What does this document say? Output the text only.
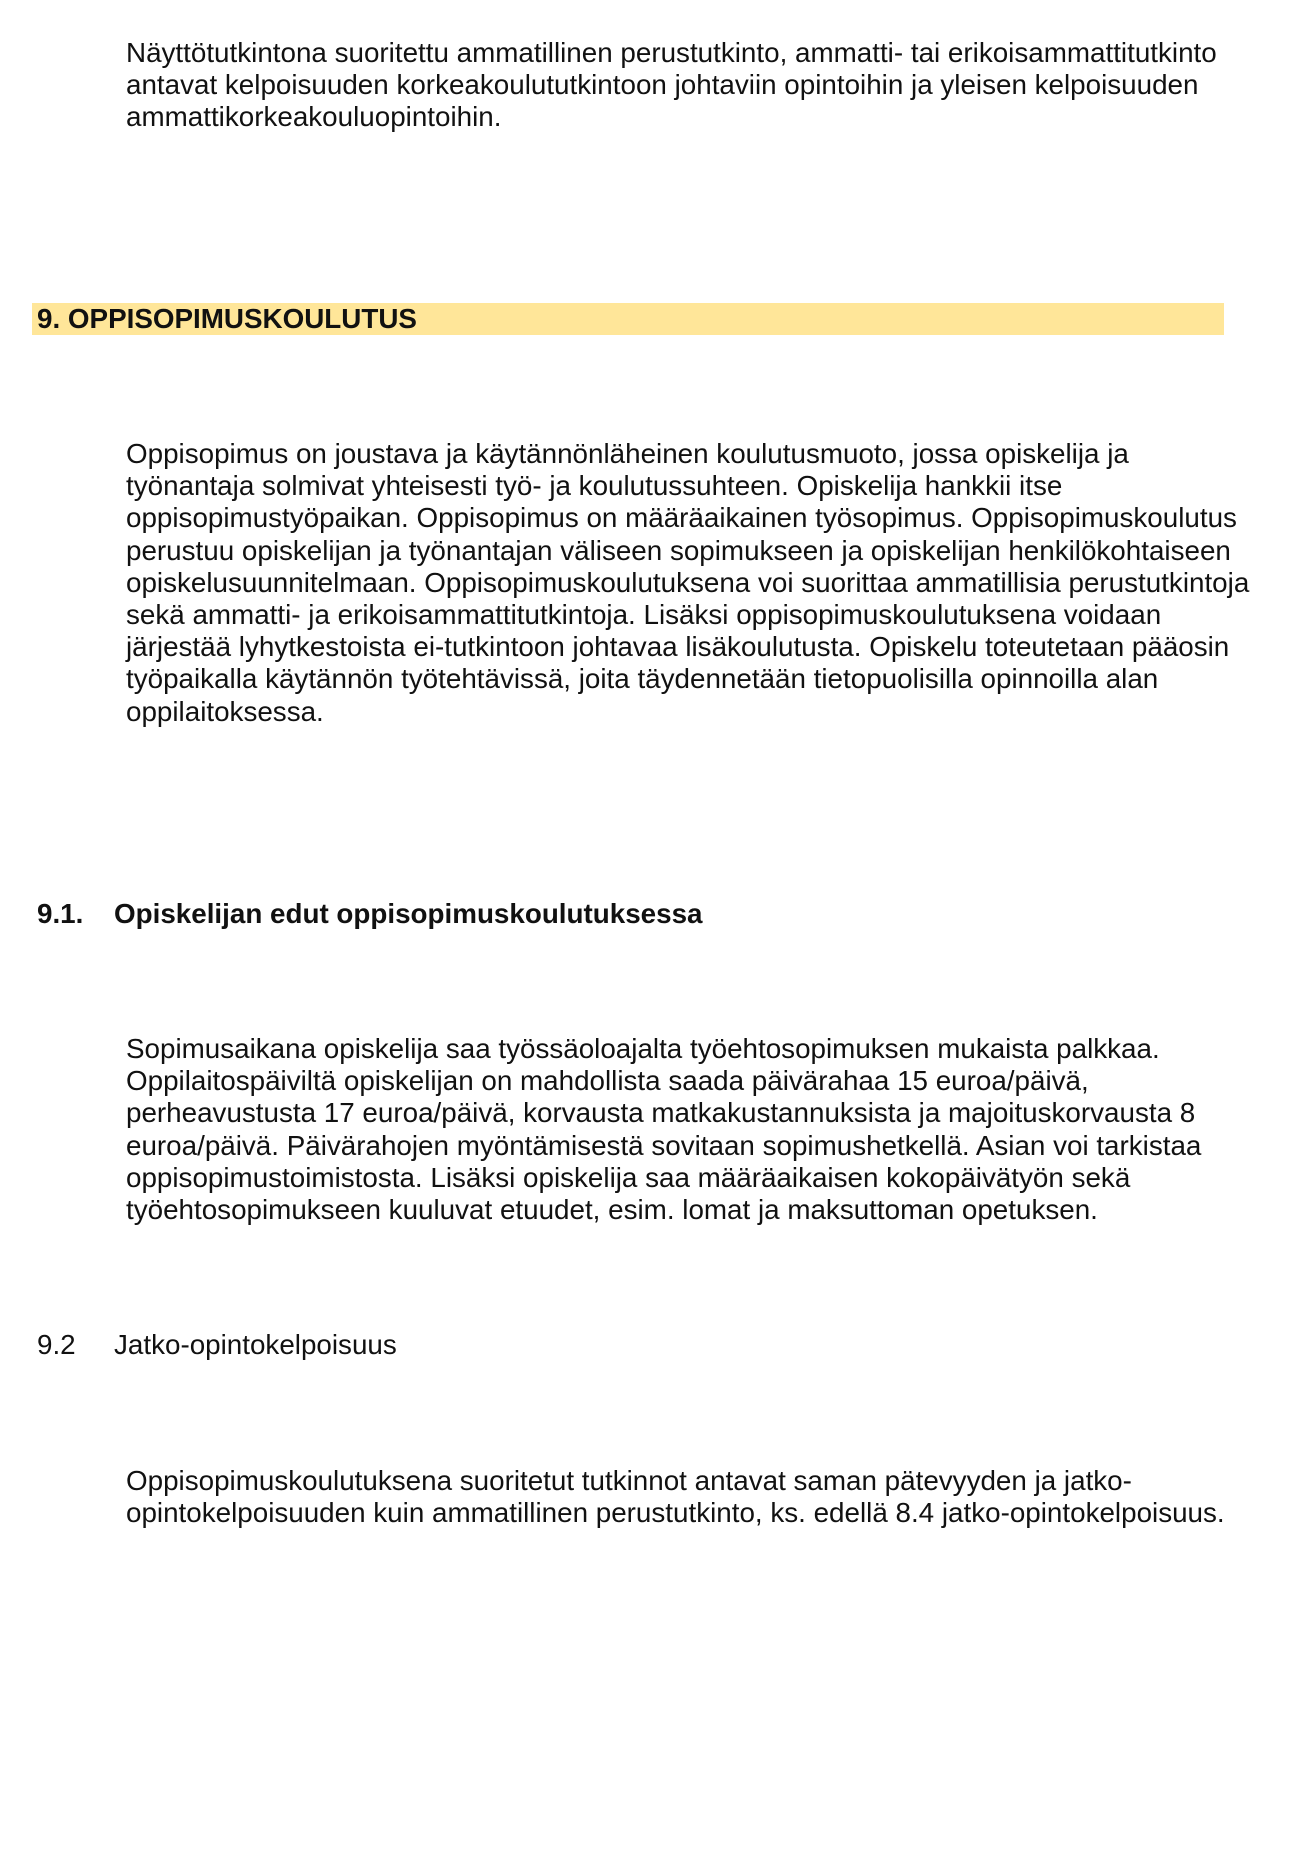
Näyttötutkintona suoritettu ammatillinen perustutkinto, ammatti- tai erikoisammattitutkinto
antavat kelpoisuuden korkeakoulututkintoon johtaviin opintoihin ja yleisen kelpoisuuden
ammattikorkeakouluopintoihin.
9. OPPISOPIMUSKOULUTUS
Oppisopimus on joustava ja käytännönläheinen koulutusmuoto, jossa opiskelija ja
työnantaja solmivat yhteisesti työ- ja koulutussuhteen. Opiskelija hankkii itse
oppisopimustyöpaikan. Oppisopimus on määräaikainen työsopimus. Oppisopimuskoulutus
perustuu opiskelijan ja työnantajan väliseen sopimukseen ja opiskelijan henkilökohtaiseen
opiskelusuunnitelmaan. Oppisopimuskoulutuksena voi suorittaa ammatillisia perustutkintoja
sekä ammatti- ja erikoisammattitutkintoja. Lisäksi oppisopimuskoulutuksena voidaan
järjestää lyhytkestoista ei-tutkintoon johtavaa lisäkoulutusta. Opiskelu toteutetaan pääosin
työpaikalla käytännön työtehtävissä, joita täydennetään tietopuolisilla opinnoilla alan
oppilaitoksessa.
9.1. Opiskelijan edut oppisopimuskoulutuksessa
Sopimusaikana opiskelija saa työssäoloajalta työehtosopimuksen mukaista palkkaa.
Oppilaitospäiviltä opiskelijan on mahdollista saada päivärahaa 15 euroa/päivä,
perheavustusta 17 euroa/päivä, korvausta matkakustannuksista ja majoituskorvausta 8
euroa/päivä. Päivärahojen myöntämisestä sovitaan sopimushetkellä. Asian voi tarkistaa
oppisopimustoimistosta. Lisäksi opiskelija saa määräaikaisen kokopäivätyön sekä
työehtosopimukseen kuuluvat etuudet, esim. lomat ja maksuttoman opetuksen.
9.2 Jatko-opintokelpoisuus
Oppisopimuskoulutuksena suoritetut tutkinnot antavat saman pätevyyden ja jatko-
opintokelpoisuuden kuin ammatillinen perustutkinto, ks. edellä 8.4 jatko-opintokelpoisuus.
